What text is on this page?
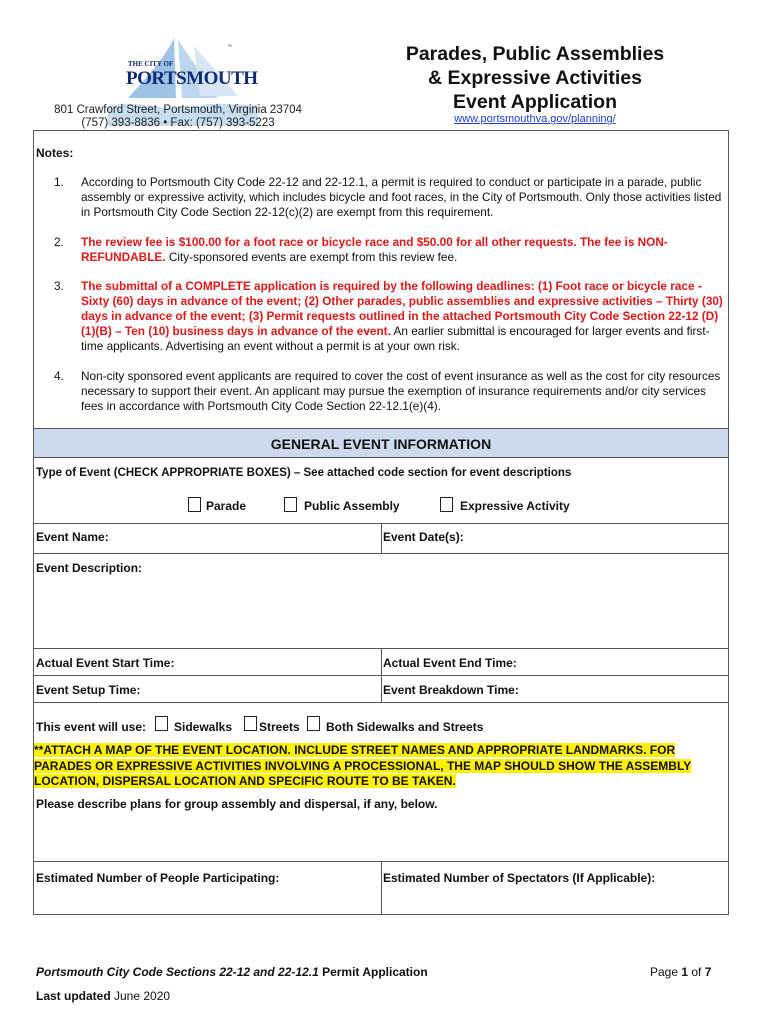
™
THE CITY OF
PORTSMOUTH
801 Crawford Street, Portsmouth, Virginia 23704
(757) 393-8836 • Fax: (757) 393-5223
Parades, Public Assemblies
& Expressive Activities
Event Application
www.portsmouthva.gov/planning/
Notes:
1. According to Portsmouth City Code 22-12 and 22-12.1, a permit is required to conduct or participate in a parade, public assembly or expressive activity, which includes bicycle and foot races, in the City of Portsmouth. Only those activities listed in Portsmouth City Code Section 22-12(c)(2) are exempt from this requirement.
2. The review fee is $100.00 for a foot race or bicycle race and $50.00 for all other requests. The fee is NON-REFUNDABLE. City-sponsored events are exempt from this review fee.
3. The submittal of a COMPLETE application is required by the following deadlines: (1) Foot race or bicycle race -Sixty (60) days in advance of the event; (2) Other parades, public assemblies and expressive activities – Thirty (30) days in advance of the event; (3) Permit requests outlined in the attached Portsmouth City Code Section 22-12 (D)(1)(B) – Ten (10) business days in advance of the event. An earlier submittal is encouraged for larger events and first-time applicants. Advertising an event without a permit is at your own risk.
4. Non-city sponsored event applicants are required to cover the cost of event insurance as well as the cost for city resources necessary to support their event. An applicant may pursue the exemption of insurance requirements and/or city services fees in accordance with Portsmouth City Code Section 22-12.1(e)(4).
GENERAL EVENT INFORMATION
Type of Event (CHECK APPROPRIATE BOXES) – See attached code section for event descriptions
Parade	Public Assembly	Expressive Activity
Event Name:	Event Date(s):
Event Description:
Actual Event Start Time:	Actual Event End Time:
Event Setup Time:	Event Breakdown Time:
This event will use: Sidewalks Streets Both Sidewalks and Streets
Please describe plans for group assembly and dispersal, if any, below.
Estimated Number of People Participating:	Estimated Number of Spectators (If Applicable):
**ATTACH A MAP OF THE EVENT LOCATION. INCLUDE STREET NAMES AND APPROPRIATE LANDMARKS. FOR PARADES OR EXPRESSIVE ACTIVITIES INVOLVING A PROCESSIONAL, THE MAP SHOULD SHOW THE ASSEMBLY LOCATION, DISPERSAL LOCATION AND SPECIFIC ROUTE TO BE TAKEN.
Portsmouth City Code Sections 22-12 and 22-12.1 Permit Application	Page 1 of 7
Last updated June 2020
